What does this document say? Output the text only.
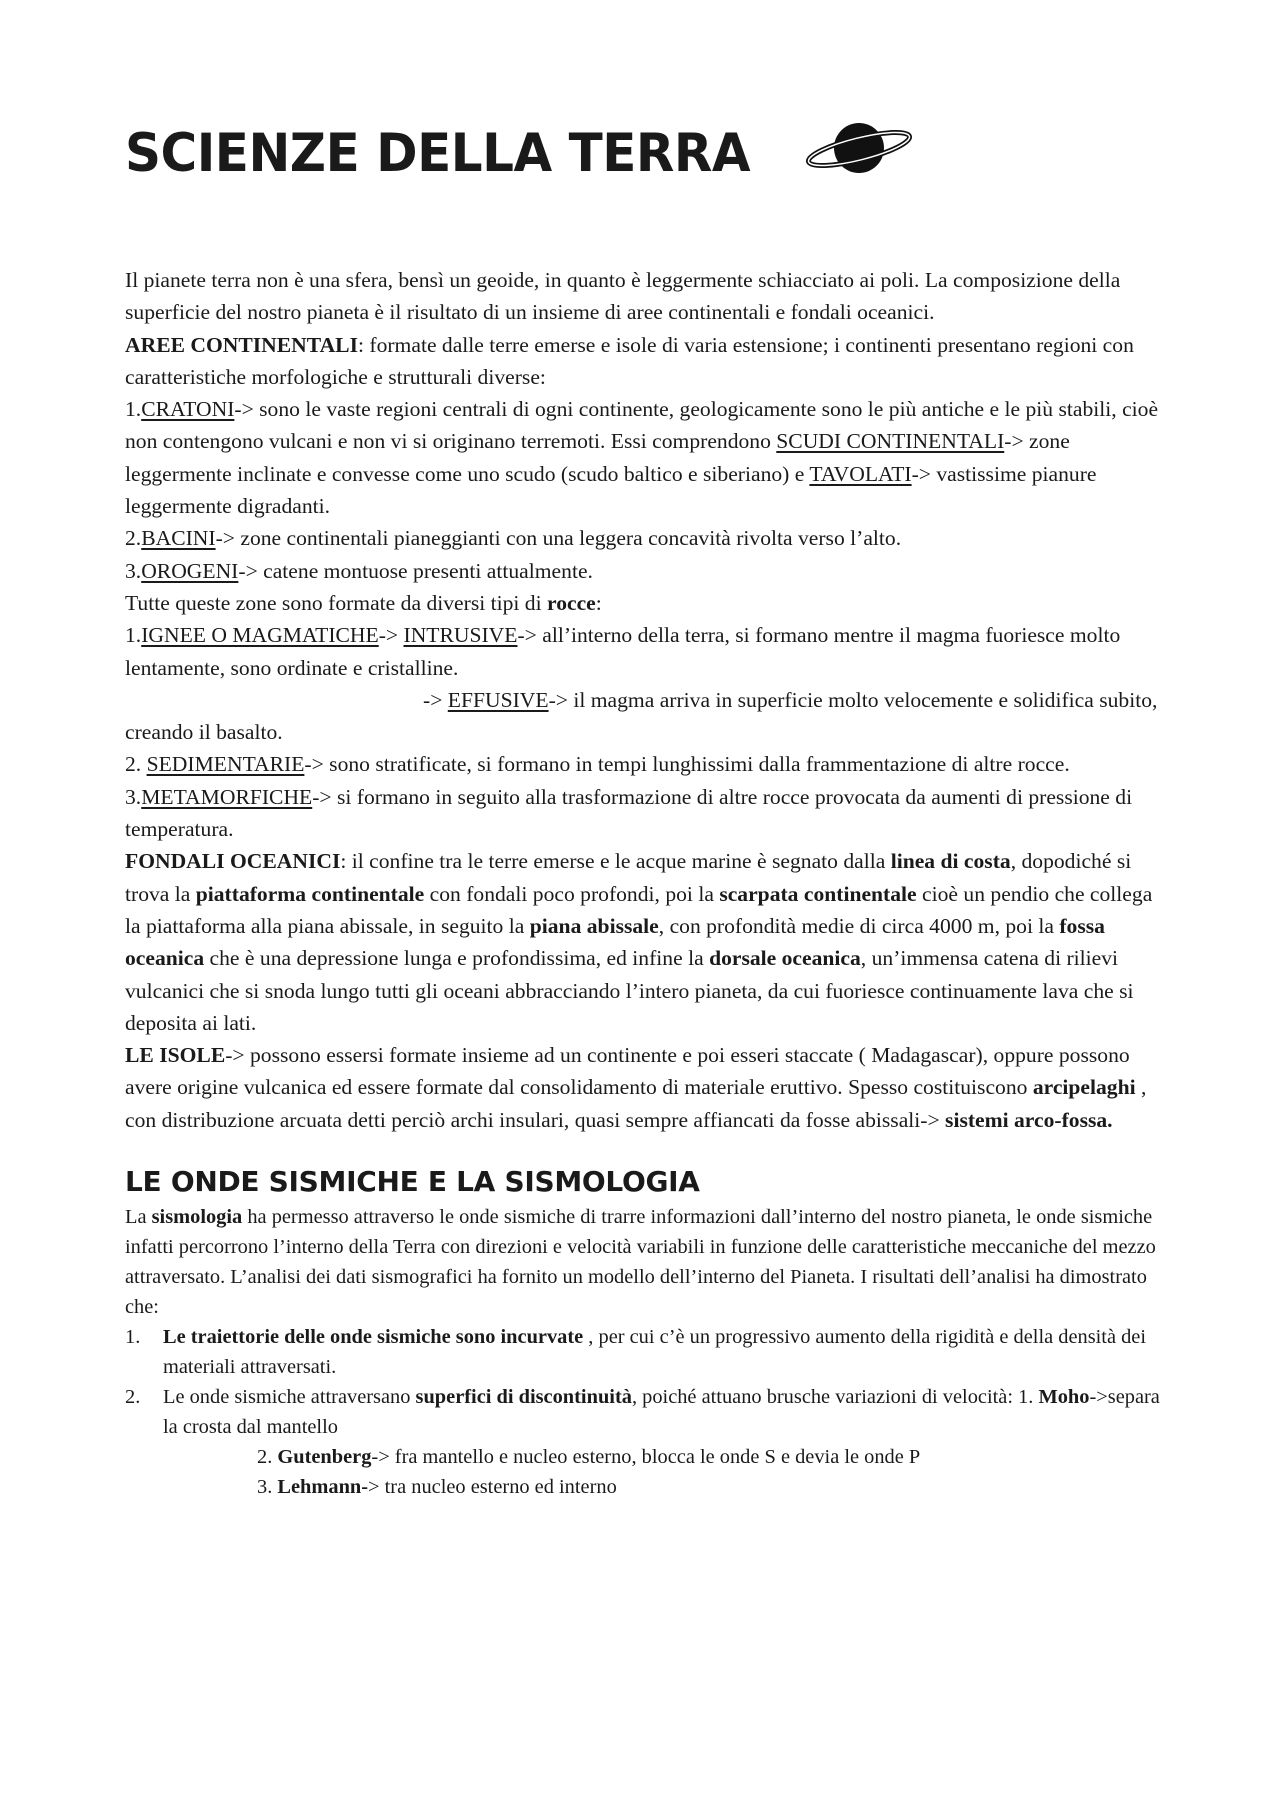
SCIENZE DELLA TERRA

Il pianete terra non è una sfera, bensì un geoide, in quanto è leggermente schiacciato ai poli. La composizione della superficie del nostro pianeta è il risultato di un insieme di aree continentali e fondali oceanici.

AREE CONTINENTALI: formate dalle terre emerse e isole di varia estensione; i continenti presentano regioni con caratteristiche morfologiche e strutturali diverse:

1.CRATONI-> sono le vaste regioni centrali di ogni continente, geologicamente sono le più antiche e le più stabili, cioè non contengono vulcani e non vi si originano terremoti. Essi comprendono SCUDI CONTINENTALI-> zone leggermente inclinate e convesse come uno scudo (scudo baltico e siberiano) e TAVOLATI-> vastissime pianure leggermente digradanti.

2.BACINI-> zone continentali pianeggianti con una leggera concavità rivolta verso l’alto.

3.OROGENI-> catene montuose presenti attualmente.

Tutte queste zone sono formate da diversi tipi di rocce:

1.IGNEE O MAGMATICHE-> INTRUSIVE-> all’interno della terra, si formano mentre il magma fuoriesce molto lentamente, sono ordinate e cristalline.

-> EFFUSIVE-> il magma arriva in superficie molto velocemente e solidifica subito, creando il basalto.

2. SEDIMENTARIE-> sono stratificate, si formano in tempi lunghissimi dalla frammentazione di altre rocce.

3.METAMORFICHE-> si formano in seguito alla trasformazione di altre rocce provocata da aumenti di pressione di temperatura.

FONDALI OCEANICI: il confine tra le terre emerse e le acque marine è segnato dalla linea di costa, dopodiché si trova la piattaforma continentale con fondali poco profondi, poi la scarpata continentale cioè un pendio che collega la piattaforma alla piana abissale, in seguito la piana abissale, con profondità medie di circa 4000 m, poi la fossa oceanica che è una depressione lunga e profondissima, ed infine la dorsale oceanica, un’immensa catena di rilievi vulcanici che si snoda lungo tutti gli oceani abbracciando l’intero pianeta, da cui fuoriesce continuamente lava che si deposita ai lati.

LE ISOLE-> possono essersi formate insieme ad un continente e poi esseri staccate ( Madagascar), oppure possono avere origine vulcanica ed essere formate dal consolidamento di materiale eruttivo. Spesso costituiscono arcipelaghi , con distribuzione arcuata detti perciò archi insulari, quasi sempre affiancati da fosse abissali-> sistemi arco-fossa.

LE ONDE SISMICHE E LA SISMOLOGIA

La sismologia ha permesso attraverso le onde sismiche di trarre informazioni dall’interno del nostro pianeta, le onde sismiche infatti percorrono l’interno della Terra con direzioni e velocità variabili in funzione delle caratteristiche meccaniche del mezzo attraversato. L’analisi dei dati sismografici ha fornito un modello dell’interno del Pianeta. I risultati dell’analisi ha dimostrato che:

1. Le traiettorie delle onde sismiche sono incurvate , per cui c’è un progressivo aumento della rigidità e della densità dei materiali attraversati.
2. Le onde sismiche attraversano superfici di discontinuità, poiché attuano brusche variazioni di velocità: 1. Moho->separa la crosta dal mantello
2. Gutenberg-> fra mantello e nucleo esterno, blocca le onde S e devia le onde P
3. Lehmann-> tra nucleo esterno ed interno
